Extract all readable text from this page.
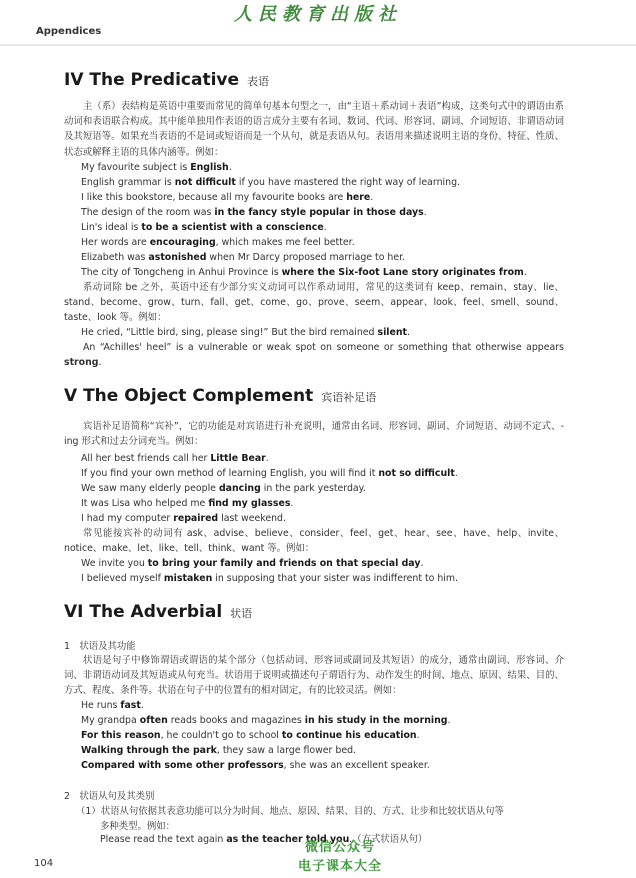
人民教育出版社
Appendices
IV The Predicative 表语
主（系）表结构是英语中重要而常见的简单句基本句型之一，由“主语＋系动词＋表语”构成，这类句式中的谓语由系动词和表语联合构成。其中能单独用作表语的语言成分主要有名词、数词、代词、形容词、副词、介词短语、非谓语动词及其短语等。如果充当表语的不是词或短语而是一个从句，就是表语从句。表语用来描述说明主语的身份、特征、性质、状态或解释主语的具体内涵等。例如：
My favourite subject is English.
English grammar is not difficult if you have mastered the right way of learning.
I like this bookstore, because all my favourite books are here.
The design of the room was in the fancy style popular in those days.
Lin's ideal is to be a scientist with a conscience.
Her words are encouraging, which makes me feel better.
Elizabeth was astonished when Mr Darcy proposed marriage to her.
The city of Tongcheng in Anhui Province is where the Six-foot Lane story originates from.
系动词除 be 之外，英语中还有少部分实义动词可以作系动词用，常见的这类词有 keep、remain、stay、lie、stand、become、grow、turn、fall、get、come、go、prove、seem、appear、look、feel、smell、sound、taste、look 等。例如：
He cried, “Little bird, sing, please sing!” But the bird remained silent.
An “Achilles' heel” is a vulnerable or weak spot on someone or something that otherwise appears strong.
V The Object Complement 宾语补足语
宾语补足语简称“宾补”，它的功能是对宾语进行补充说明，通常由名词、形容词、副词、介词短语、动词不定式、-ing 形式和过去分词充当。例如：
All her best friends call her Little Bear.
If you find your own method of learning English, you will find it not so difficult.
We saw many elderly people dancing in the park yesterday.
It was Lisa who helped me find my glasses.
I had my computer repaired last weekend.
常见能接宾补的动词有 ask、advise、believe、consider、feel、get、hear、see、have、help、invite、notice、make、let、like、tell、think、want 等。例如：
We invite you to bring your family and friends on that special day.
I believed myself mistaken in supposing that your sister was indifferent to him.
VI The Adverbial 状语
1　状语及其功能
状语是句子中修饰谓语或谓语的某个部分（包括动词、形容词或副词及其短语）的成分，通常由副词、形容词、介词、非谓语动词及其短语或从句充当。状语用于说明或描述句子谓语行为、动作发生的时间、地点、原因、结果、目的、方式、程度、条件等。状语在句子中的位置有的相对固定，有的比较灵活。例如：
He runs fast.
My grandpa often reads books and magazines in his study in the morning.
For this reason, he couldn't go to school to continue his education.
Walking through the park, they saw a large flower bed.
Compared with some other professors, she was an excellent speaker.
2　状语从句及其类别
（1）状语从句依据其表意功能可以分为时间、地点、原因、结果、目的、方式、让步和比较状语从句等
多种类型。例如：
Please read the text again as the teacher told you.（方式状语从句）
104
微信公众号
电子课本大全
